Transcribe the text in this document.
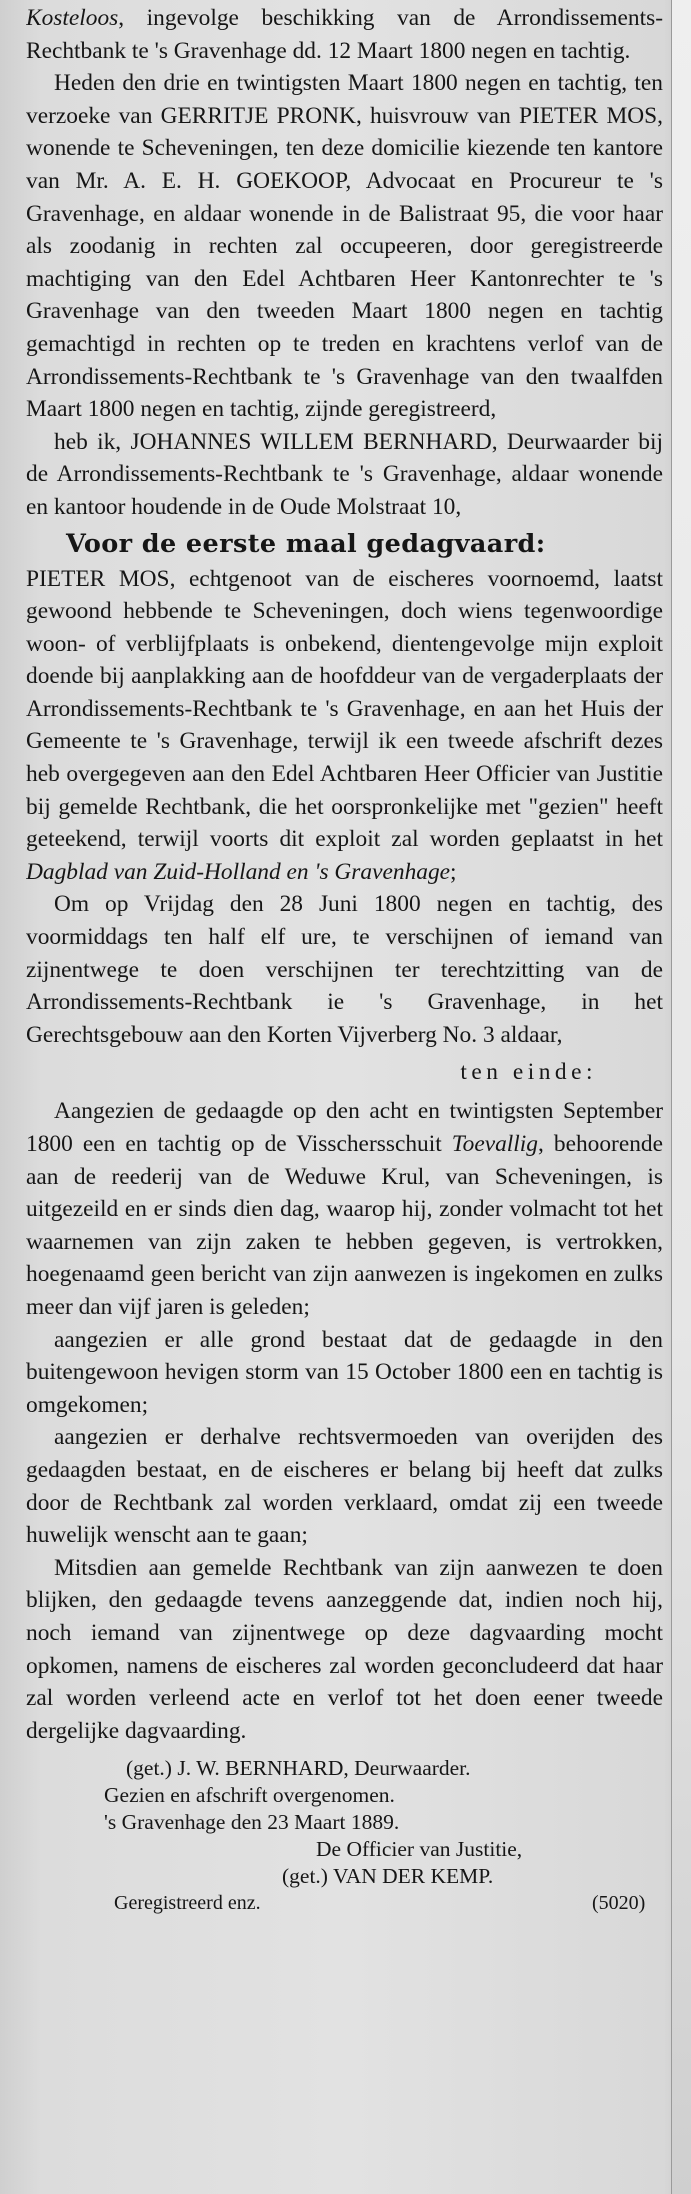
Kosteloos, ingevolge beschikking van de Arrondissements-Rechtbank te 's Gravenhage dd. 12 Maart 1800 negen en tachtig.

Heden den drie en twintigsten Maart 1800 negen en tachtig, ten verzoeke van GERRITJE PRONK, huisvrouw van PIETER MOS, wonende te Scheveningen, ten deze domicilie kiezende ten kantore van Mr. A. E. H. GOEKOOP, Advocaat en Procureur te 's Gravenhage, en aldaar wonende in de Balistraat 95, die voor haar als zoodanig in rechten zal occupeeren, door geregistreerde machtiging van den Edel Achtbaren Heer Kantonrechter te 's Gravenhage van den tweeden Maart 1800 negen en tachtig gemachtigd in rechten op te treden en krachtens verlof van de Arrondissements-Rechtbank te 's Gravenhage van den twaalfden Maart 1800 negen en tachtig, zijnde geregistreerd,

heb ik, JOHANNES WILLEM BERNHARD, Deurwaarder bij de Arrondissements-Rechtbank te 's Gravenhage, aldaar wonende en kantoor houdende in de Oude Molstraat 10,

Voor de eerste maal gedagvaard:

PIETER MOS, echtgenoot van de eischeres voornoemd, laatst gewoond hebbende te Scheveningen, doch wiens tegenwoordige woon- of verblijfplaats is onbekend, dientengevolge mijn exploit doende bij aanplakking aan de hoofddeur van de vergaderplaats der Arrondissements-Rechtbank te 's Gravenhage, en aan het Huis der Gemeente te 's Gravenhage, terwijl ik een tweede afschrift dezes heb overgegeven aan den Edel Achtbaren Heer Officier van Justitie bij gemelde Rechtbank, die het oorspronkelijke met "gezien" heeft geteekend, terwijl voorts dit exploit zal worden geplaatst in het Dagblad van Zuid-Holland en 's Gravenhage;

Om op Vrijdag den 28 Juni 1800 negen en tachtig, des voormiddags ten half elf ure, te verschijnen of iemand van zijnentwege te doen verschijnen ter terechtzitting van de Arrondissements-Rechtbank ie 's Gravenhage, in het Gerechtsgebouw aan den Korten Vijverberg No. 3 aldaar,

ten einde:

Aangezien de gedaagde op den acht en twintigsten September 1800 een en tachtig op de Visschersschuit Toevallig, behoorende aan de reederij van de Weduwe Krul, van Scheveningen, is uitgezeild en er sinds dien dag, waarop hij, zonder volmacht tot het waarnemen van zijn zaken te hebben gegeven, is vertrokken, hoegenaamd geen bericht van zijn aanwezen is ingekomen en zulks meer dan vijf jaren is geleden;

aangezien er alle grond bestaat dat de gedaagde in den buitengewoon hevigen storm van 15 October 1800 een en tachtig is omgekomen;

aangezien er derhalve rechtsvermoeden van overijden des gedaagden bestaat, en de eischeres er belang bij heeft dat zulks door de Rechtbank zal worden verklaard, omdat zij een tweede huwelijk wenscht aan te gaan;

Mitsdien aan gemelde Rechtbank van zijn aanwezen te doen blijken, den gedaagde tevens aanzeggende dat, indien noch hij, noch iemand van zijnentwege op deze dagvaarding mocht opkomen, namens de eischeres zal worden geconcludeerd dat haar zal worden verleend acte en verlof tot het doen eener tweede dergelijke dagvaarding.

(get.) J. W. BERNHARD, Deurwaarder.

Gezien en afschrift overgenomen.

's Gravenhage den 23 Maart 1889.

De Officier van Justitie,

(get.) VAN DER KEMP.

Geregistreerd enz.	(5020)
